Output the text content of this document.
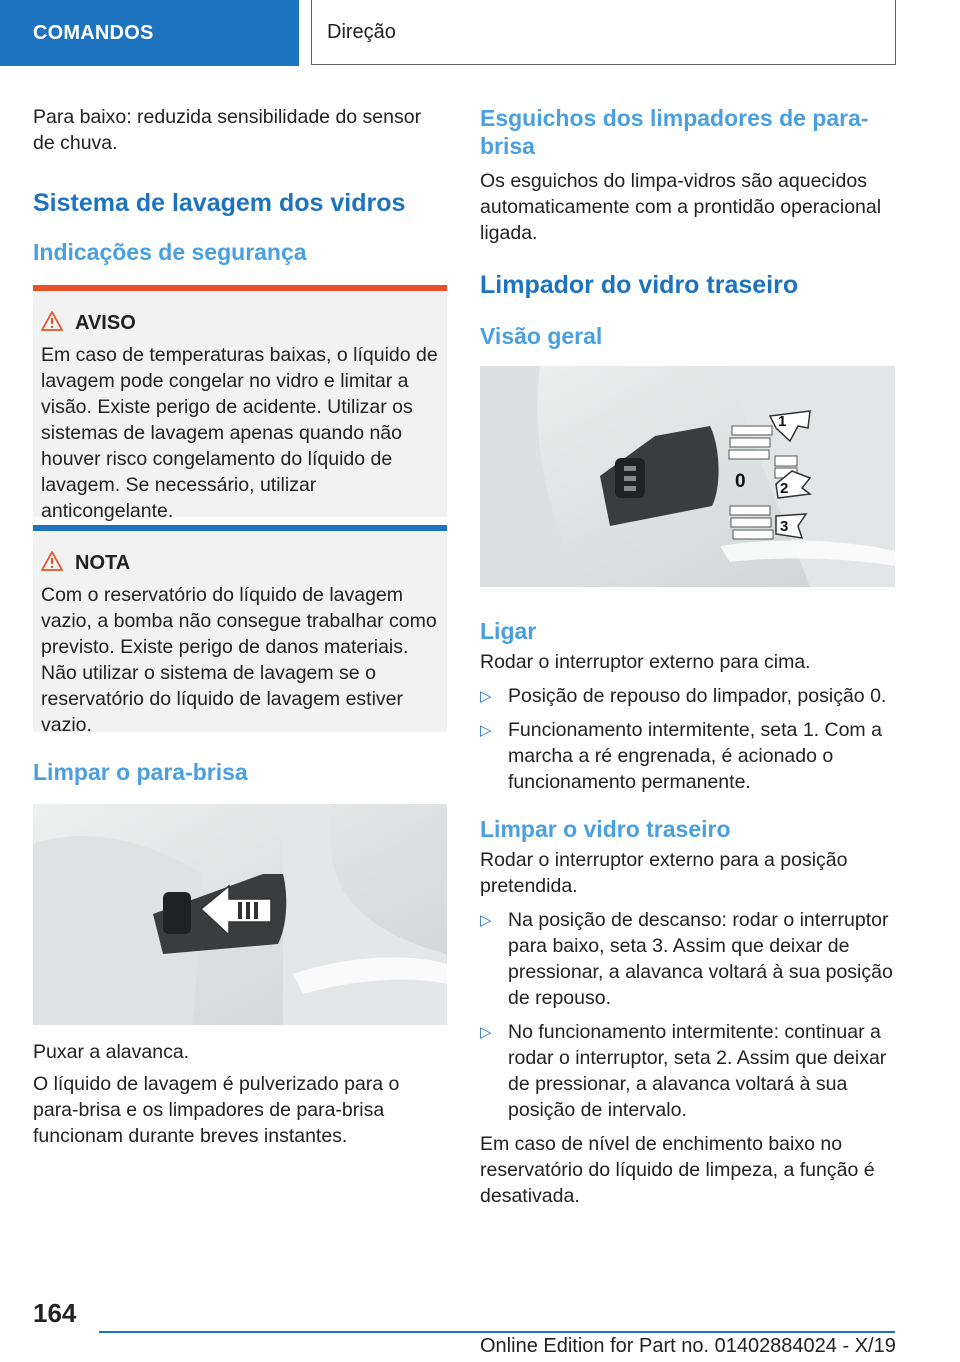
COMANDOS	Direção

Para baixo: reduzida sensibilidade do sensor de chuva.

Sistema de lavagem dos vidros
Indicações de segurança
AVISO

Em caso de temperaturas baixas, o líquido de lavagem pode congelar no vidro e limitar a visão. Existe perigo de acidente. Utilizar os sistemas de lavagem apenas quando não houver risco congelamento do líquido de lavagem. Se necessário, utilizar anticongelante.

NOTA

Com o reservatório do líquido de lavagem vazio, a bomba não consegue trabalhar como previsto. Existe perigo de danos materiais. Não utilizar o sistema de lavagem se o reservatório do líquido de lavagem estiver vazio.

Limpar o para-brisa

Puxar a alavanca.

O líquido de lavagem é pulverizado para o para-brisa e os limpadores de para-brisa funcionam durante breves instantes.

Esguichos dos limpadores de para-brisa

Os esguichos do limpa-vidros são aquecidos automaticamente com a prontidão operacional ligada.

Limpador do vidro traseiro
Visão geral
1
0 2
3
Ligar

Rodar o interruptor externo para cima.

▷ Posição de repouso do limpador, posição 0.
▷ Funcionamento intermitente, seta 1. Com a marcha a ré engrenada, é acionado o funcionamento permanente.
Limpar o vidro traseiro

Rodar o interruptor externo para a posição pretendida.

▷ Na posição de descanso: rodar o interruptor para baixo, seta 3. Assim que deixar de pressionar, a alavanca voltará à sua posição de repouso.
▷ No funcionamento intermitente: continuar a rodar o interruptor, seta 2. Assim que deixar de pressionar, a alavanca voltará à sua posição de intervalo.

Em caso de nível de enchimento baixo no reservatório do líquido de limpeza, a função é desativada.

164
Online Edition for Part no. 01402884024 - X/19
